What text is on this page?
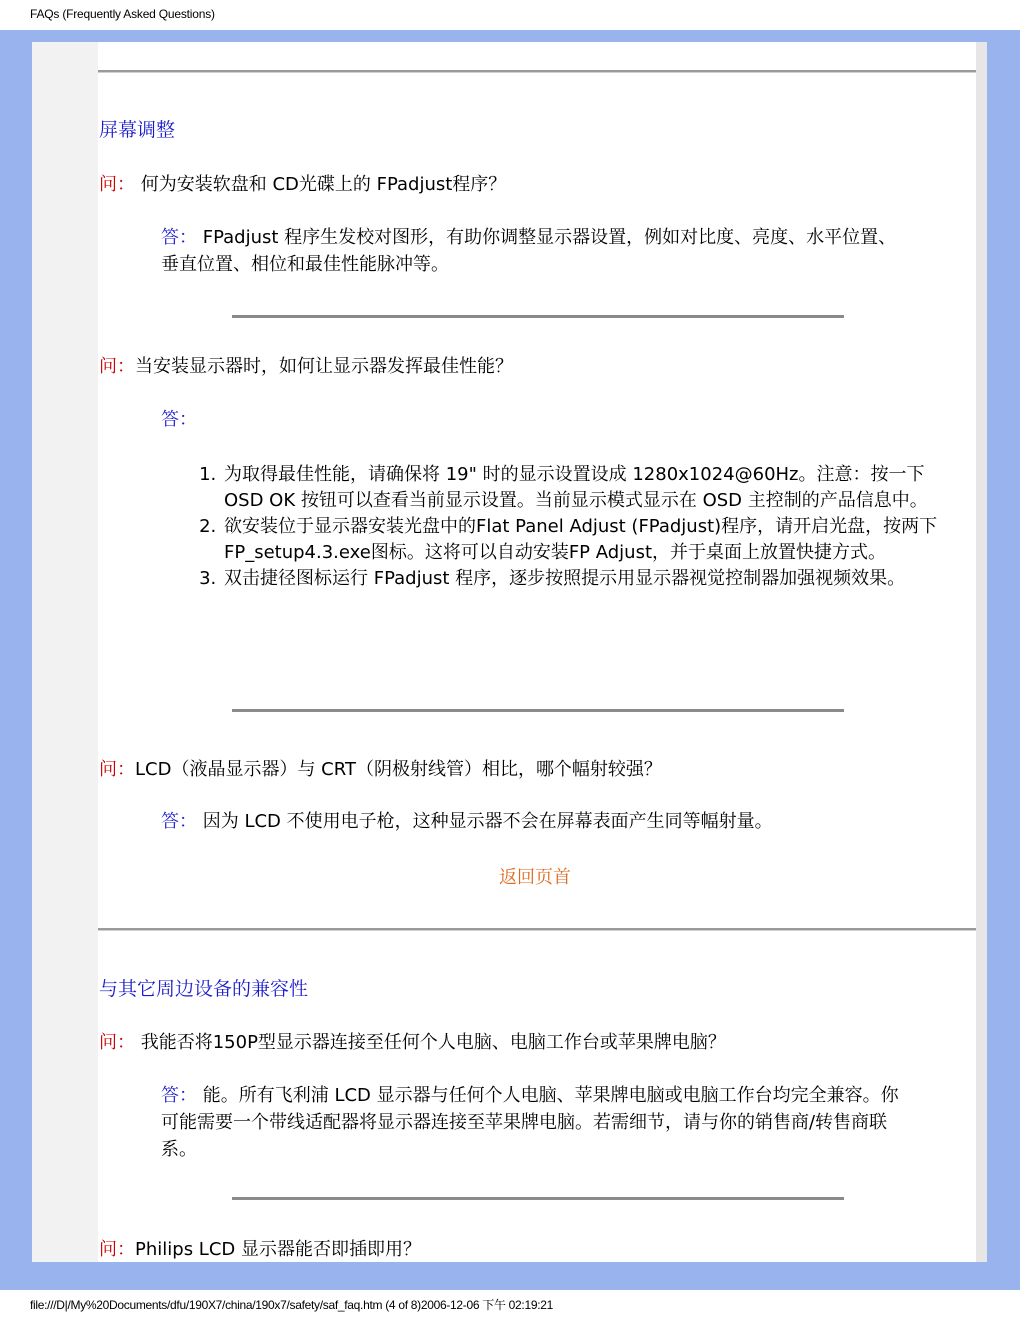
FAQs (Frequently Asked Questions)
屏幕调整
问： 何为安装软盘和 CD光碟上的 FPadjust程序？
答： FPadjust 程序生发校对图形，有助你调整显示器设置，例如对比度、亮度、水平位置、垂直位置、相位和最佳性能脉冲等。
问：当安装显示器时，如何让显示器发挥最佳性能？
答：
1. 为取得最佳性能，请确保将 19" 时的显示设置设成 1280x1024@60Hz。注意：按一下 OSD OK 按钮可以查看当前显示设置。当前显示模式显示在 OSD 主控制的产品信息中。
2. 欲安装位于显示器安装光盘中的Flat Panel Adjust (FPadjust)程序，请开启光盘，按两下FP_setup4.3.exe图标。这将可以自动安装FP Adjust，并于桌面上放置快捷方式。
3. 双击捷径图标运行 FPadjust 程序，逐步按照提示用显示器视觉控制器加强视频效果。
问：LCD（液晶显示器）与 CRT（阴极射线管）相比，哪个幅射较强？
答： 因为 LCD 不使用电子枪，这种显示器不会在屏幕表面产生同等幅射量。
返回页首
与其它周边设备的兼容性
问： 我能否将150P型显示器连接至任何个人电脑、电脑工作台或苹果牌电脑？
答： 能。所有飞利浦 LCD 显示器与任何个人电脑、苹果牌电脑或电脑工作台均完全兼容。你可能需要一个带线适配器将显示器连接至苹果牌电脑。若需细节，请与你的销售商/转售商联系。
问：Philips LCD 显示器能否即插即用？
file:///D|/My%20Documents/dfu/190X7/china/190x7/safety/saf_faq.htm (4 of 8)2006-12-06 下午 02:19:21
